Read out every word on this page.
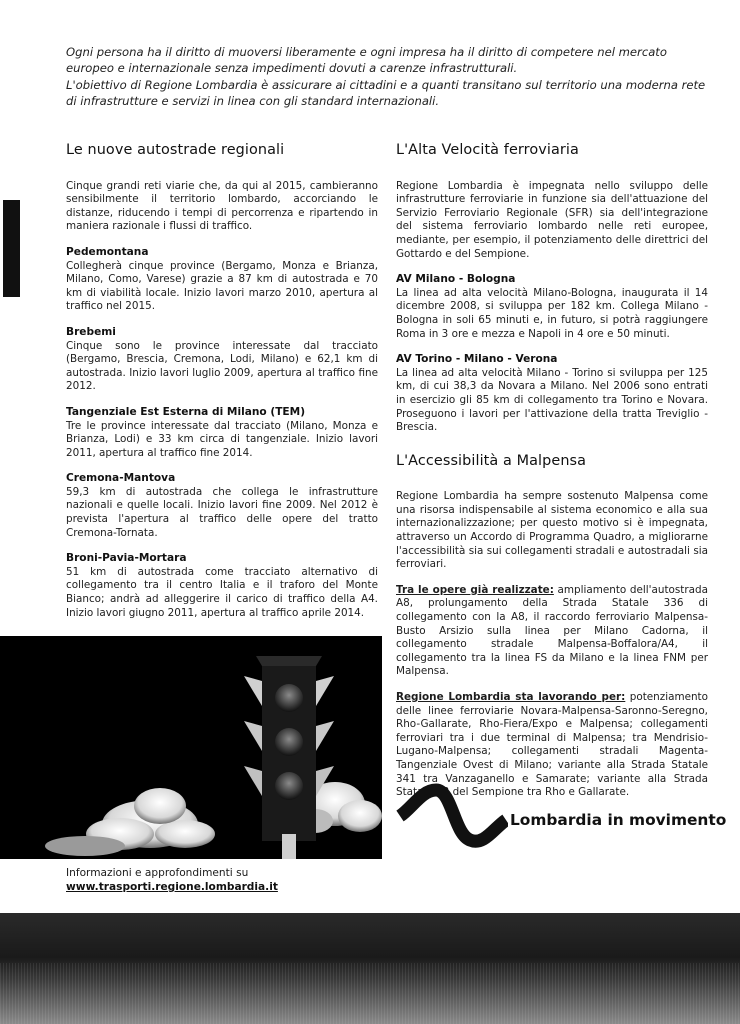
Ogni persona ha il diritto di muoversi liberamente e ogni impresa ha il diritto di competere nel mercato europeo e internazionale senza impedimenti dovuti a carenze infrastrutturali.

L'obiettivo di Regione Lombardia è assicurare ai cittadini e a quanti transitano sul territorio una moderna rete di infrastrutture e servizi in linea con gli standard internazionali.

Le nuove autostrade regionali

Cinque grandi reti viarie che, da qui al 2015, cambieranno sensibilmente il territorio lombardo, accorciando le distanze, riducendo i tempi di percorrenza e ripartendo in maniera razionale i flussi di traffico.

Pedemontana

Collegherà cinque province (Bergamo, Monza e Brianza, Milano, Como, Varese) grazie a 87 km di autostrada e 70 km di viabilità locale. Inizio lavori marzo 2010, apertura al traffico nel 2015.

Brebemi

Cinque sono le province interessate dal tracciato (Bergamo, Brescia, Cremona, Lodi, Milano) e 62,1 km di autostrada. Inizio lavori luglio 2009, apertura al traffico fine 2012.

Tangenziale Est Esterna di Milano (TEM)

Tre le province interessate dal tracciato (Milano, Monza e Brianza, Lodi) e 33 km circa di tangenziale. Inizio lavori 2011, apertura al traffico fine 2014.

Cremona-Mantova

59,3 km di autostrada che collega le infrastrutture nazionali e quelle locali. Inizio lavori fine 2009. Nel 2012 è prevista l'apertura al traffico delle opere del tratto Cremona-Tornata.

Broni-Pavia-Mortara

51 km di autostrada come tracciato alternativo di collegamento tra il centro Italia e il traforo del Monte Bianco; andrà ad alleggerire il carico di traffico della A4. Inizio lavori giugno 2011, apertura al traffico aprile 2014.

L'Alta Velocità ferroviaria

Regione Lombardia è impegnata nello sviluppo delle infrastrutture ferroviarie in funzione sia dell'attuazione del Servizio Ferroviario Regionale (SFR) sia dell'integrazione del sistema ferroviario lombardo nelle reti europee, mediante, per esempio, il potenziamento delle direttrici del Gottardo e del Sempione.

AV Milano - Bologna

La linea ad alta velocità Milano-Bologna, inaugurata il 14 dicembre 2008, si sviluppa per 182 km. Collega Milano - Bologna in soli 65 minuti e, in futuro, si potrà raggiungere Roma in 3 ore e mezza e Napoli in 4 ore e 50 minuti.

AV Torino - Milano - Verona

La linea ad alta velocità Milano - Torino si sviluppa per 125 km, di cui 38,3 da Novara a Milano. Nel 2006 sono entrati in esercizio gli 85 km di collegamento tra Torino e Novara. Proseguono i lavori per l'attivazione della tratta Treviglio - Brescia.

L'Accessibilità a Malpensa

Regione Lombardia ha sempre sostenuto Malpensa come una risorsa indispensabile al sistema economico e alla sua internazionalizzazione; per questo motivo si è impegnata, attraverso un Accordo di Programma Quadro, a migliorarne l'accessibilità sia sui collegamenti stradali e autostradali sia ferroviari.

Tra le opere già realizzate: ampliamento dell'autostrada A8, prolungamento della Strada Statale 336 di collegamento con la A8, il raccordo ferroviario Malpensa-Busto Arsizio sulla linea per Milano Cadorna, il collegamento stradale Malpensa-Boffalora/A4, il collegamento tra la linea FS da Milano e la linea FNM per Malpensa.

Regione Lombardia sta lavorando per: potenziamento delle linee ferroviarie Novara-Malpensa-Saronno-Seregno, Rho-Gallarate, Rho-Fiera/Expo e Malpensa; collegamenti ferroviari tra i due terminal di Malpensa; tra Mendrisio-Lugano-Malpensa; collegamenti stradali Magenta-Tangenziale Ovest di Milano; variante alla Strada Statale 341 tra Vanzaganello e Samarate; variante alla Strada Statale 33 del Sempione tra Rho e Gallarate.

Informazioni e approfondimenti su
www.trasporti.regione.lombardia.it
Lombardia in movimento
